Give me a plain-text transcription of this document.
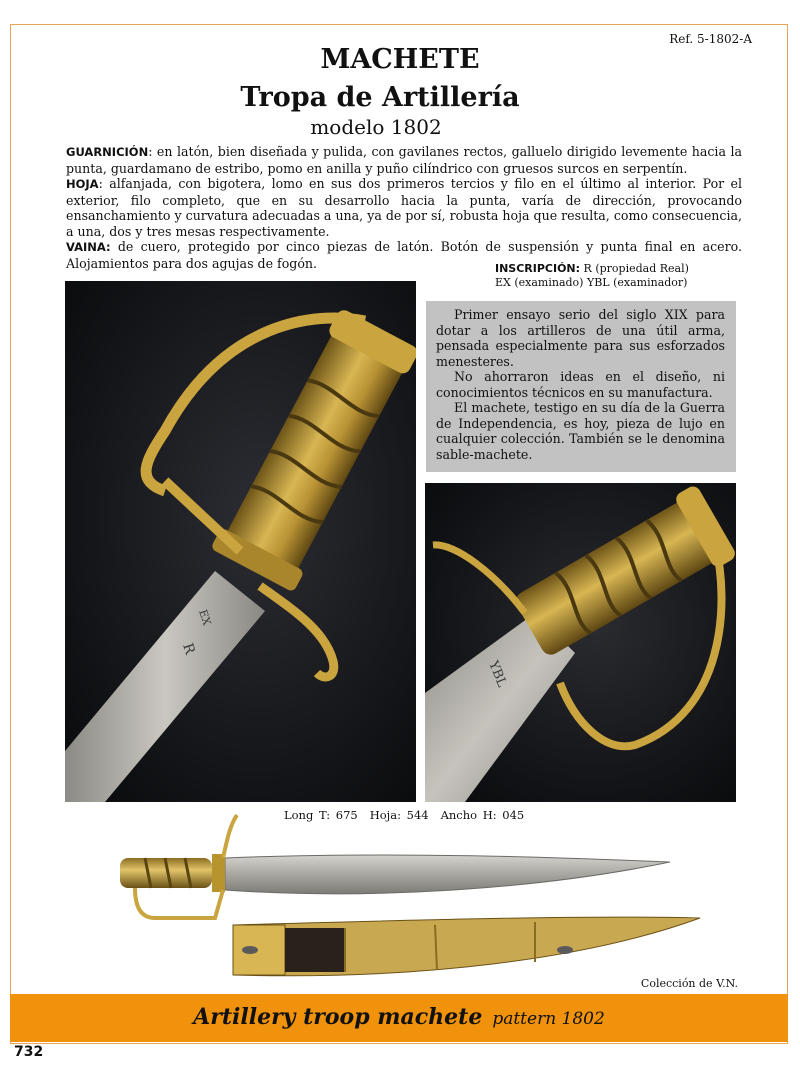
Ref. 5-1802-A
MACHETE
Tropa de Artillería
modelo 1802

GUARNICIÓN: en latón, bien diseñada y pulida, con gavilanes rectos, galluelo dirigido levemente hacia la punta, guardamano de estribo, pomo en anilla y puño cilíndrico con gruesos surcos en serpentín.

HOJA: alfanjada, con bigotera, lomo en sus dos primeros tercios y filo en el último al interior. Por el exterior, filo completo, que en su desarrollo hacia la punta, varía de dirección, provocando ensanchamiento y curvatura adecuadas a una, ya de por sí, robusta hoja que resulta, como consecuencia, a una, dos y tres mesas respectivamente.

VAINA: de cuero, protegido por cinco piezas de latón. Botón de suspensión y punta final en acero. Alojamientos para dos agujas de fogón.	INSCRIPCIÓN: R (propiedad Real)
EX (examinado) YBL (examinador)
R
EX

Primer ensayo serio del siglo XIX para dotar a los artilleros de una útil arma, pensada especialmente para sus esforzados menesteres.

No ahorraron ideas en el diseño, ni conocimientos técnicos en su manufactura.

El machete, testigo en su día de la Guerra de Independencia, es hoy, pieza de lujo en cualquier colección. También se le denomina sable-machete.

YBL
Long T: 675 Hoja: 544 Ancho H: 045
Colección de V.N.
Artillery troop machete pattern 1802
732
